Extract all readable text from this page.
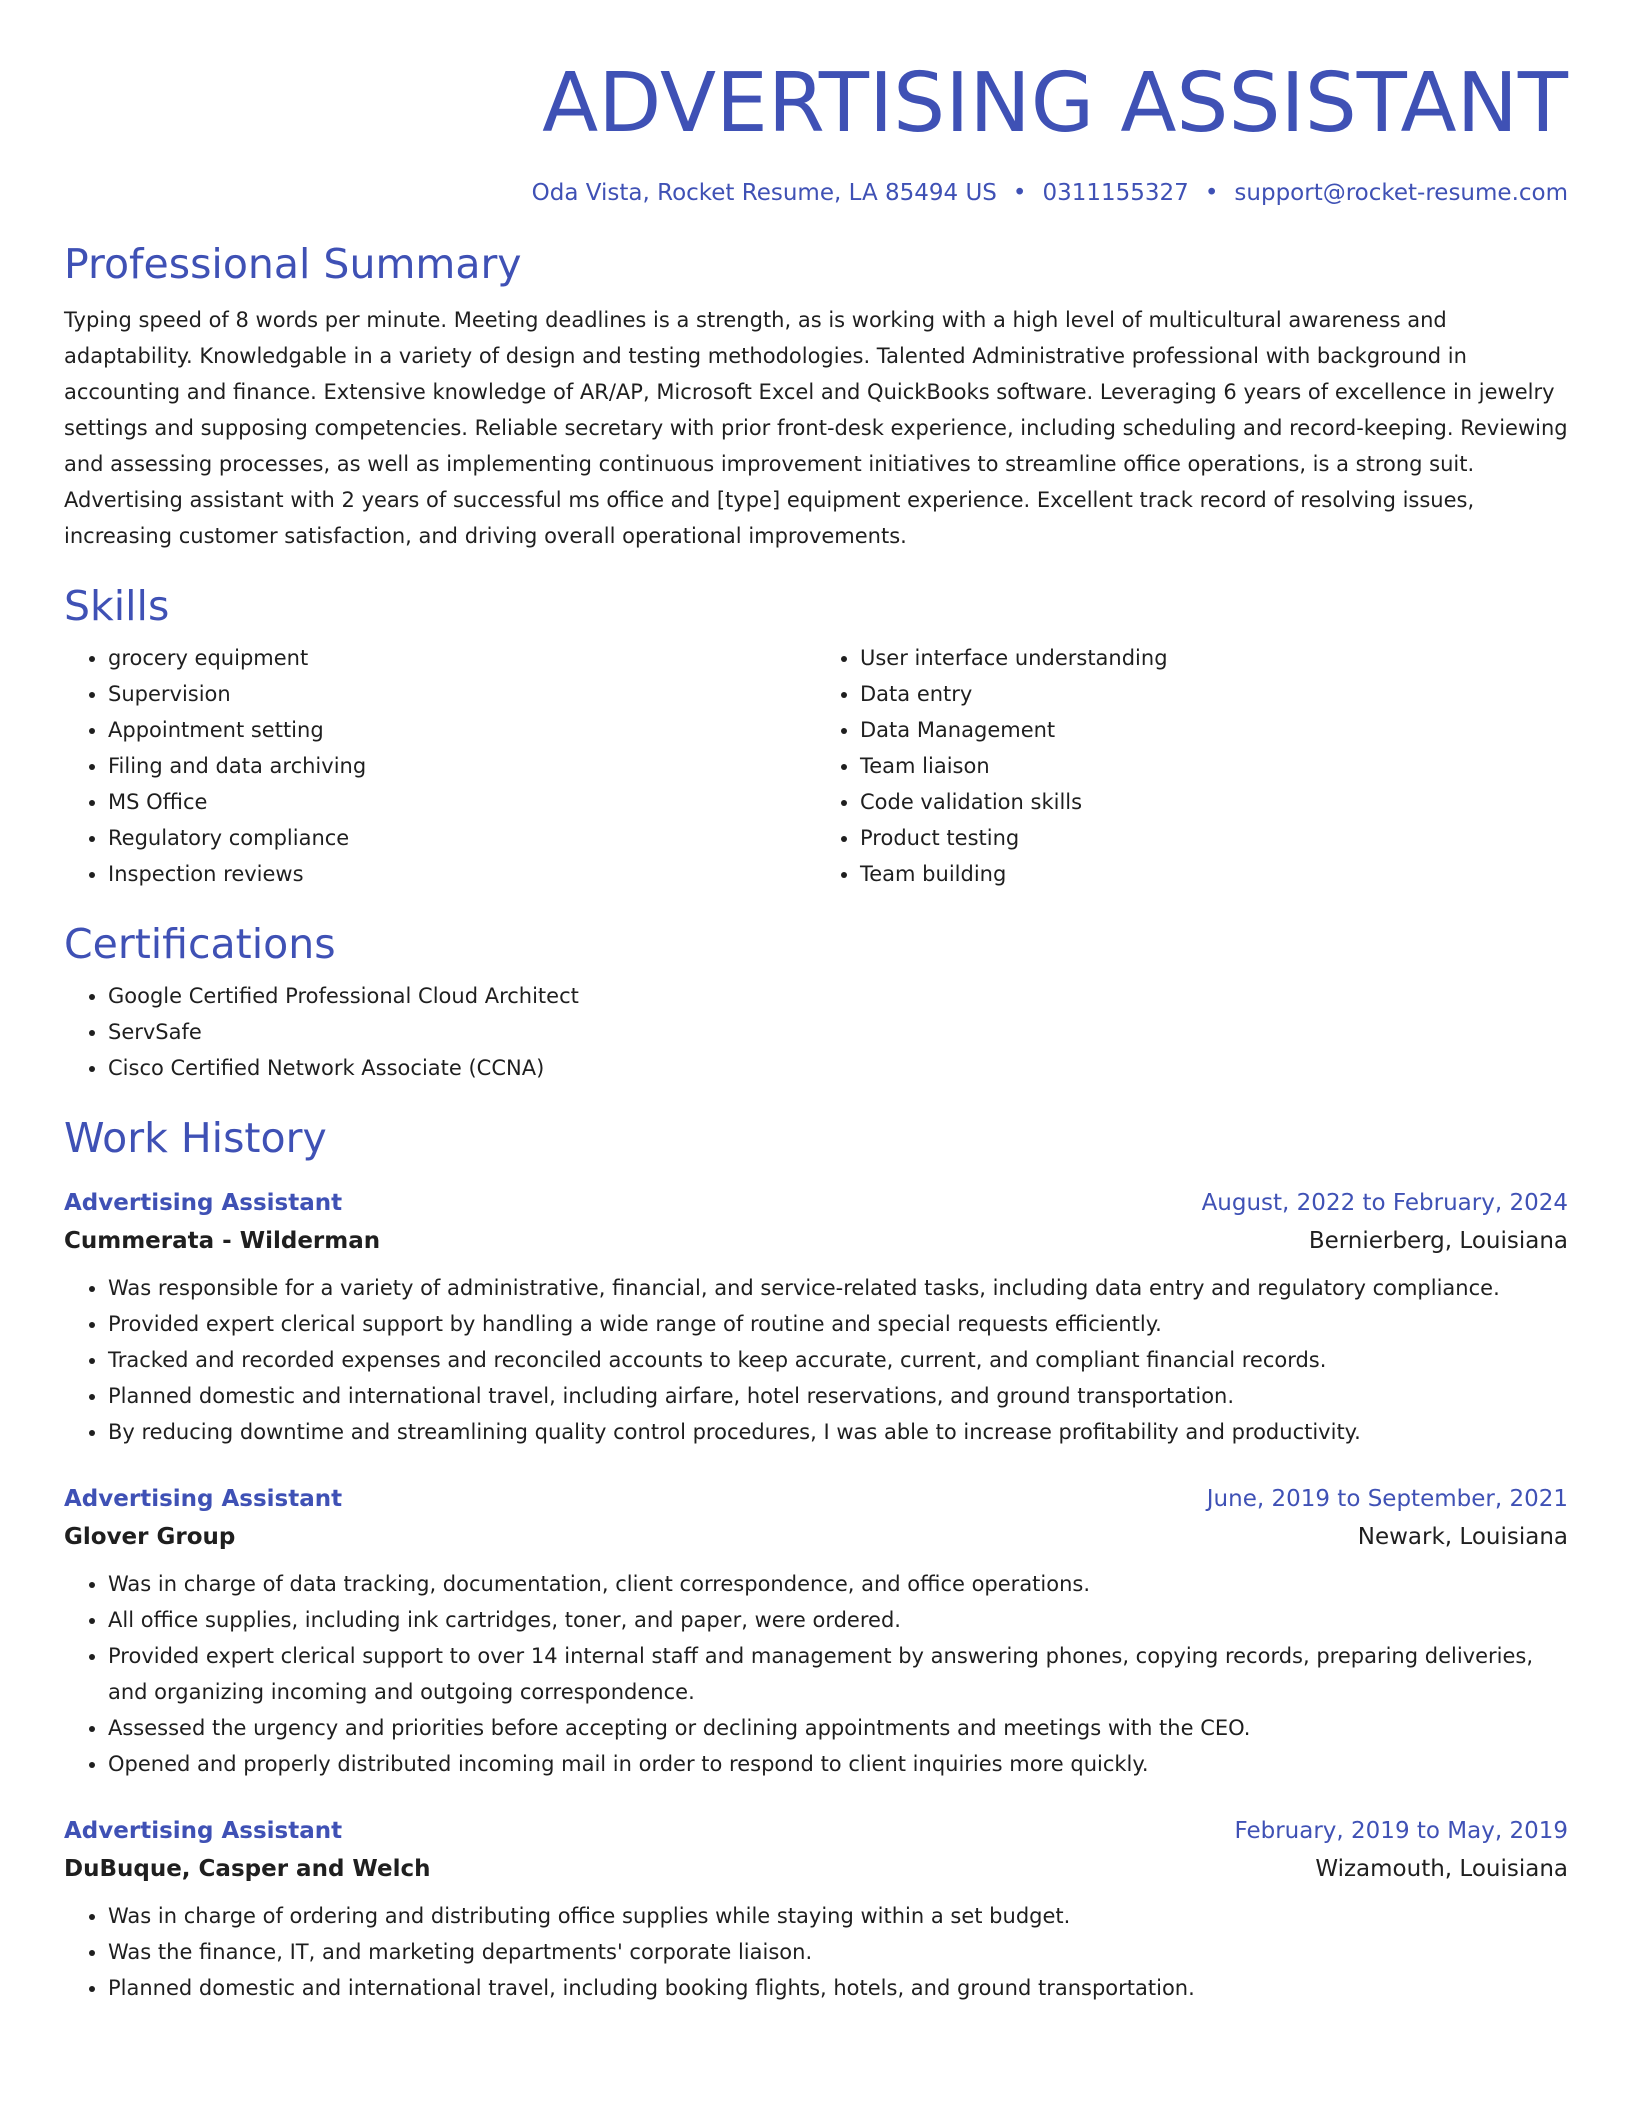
ADVERTISING ASSISTANT
Oda Vista, Rocket Resume, LA 85494 US • 0311155327 • support@rocket-resume.com
Professional Summary
Typing speed of 8 words per minute. Meeting deadlines is a strength, as is working with a high level of multicultural awareness and adaptability. Knowledgable in a variety of design and testing methodologies. Talented Administrative professional with background in accounting and finance. Extensive knowledge of AR/AP, Microsoft Excel and QuickBooks software. Leveraging 6 years of excellence in jewelry settings and supposing competencies. Reliable secretary with prior front-desk experience, including scheduling and record-keeping. Reviewing and assessing processes, as well as implementing continuous improvement initiatives to streamline office operations, is a strong suit. Advertising assistant with 2 years of successful ms office and [type] equipment experience. Excellent track record of resolving issues, increasing customer satisfaction, and driving overall operational improvements.
Skills
• grocery equipment
• Supervision
• Appointment setting
• Filing and data archiving
• MS Office
• Regulatory compliance
• Inspection reviews
• User interface understanding
• Data entry
• Data Management
• Team liaison
• Code validation skills
• Product testing
• Team building
Certifications
• Google Certified Professional Cloud Architect
• ServSafe
• Cisco Certified Network Associate (CCNA)
Work History
Advertising Assistant	August, 2022 to February, 2024
Cummerata - Wilderman	Bernierberg, Louisiana
• Was responsible for a variety of administrative, financial, and service-related tasks, including data entry and regulatory compliance.
• Provided expert clerical support by handling a wide range of routine and special requests efficiently.
• Tracked and recorded expenses and reconciled accounts to keep accurate, current, and compliant financial records.
• Planned domestic and international travel, including airfare, hotel reservations, and ground transportation.
• By reducing downtime and streamlining quality control procedures, I was able to increase profitability and productivity.
Advertising Assistant	June, 2019 to September, 2021
Glover Group	Newark, Louisiana
• Was in charge of data tracking, documentation, client correspondence, and office operations.
• All office supplies, including ink cartridges, toner, and paper, were ordered.
• Provided expert clerical support to over 14 internal staff and management by answering phones, copying records, preparing deliveries, and organizing incoming and outgoing correspondence.
• Assessed the urgency and priorities before accepting or declining appointments and meetings with the CEO.
• Opened and properly distributed incoming mail in order to respond to client inquiries more quickly.
Advertising Assistant	February, 2019 to May, 2019
DuBuque, Casper and Welch	Wizamouth, Louisiana
• Was in charge of ordering and distributing office supplies while staying within a set budget.
• Was the finance, IT, and marketing departments' corporate liaison.
• Planned domestic and international travel, including booking flights, hotels, and ground transportation.
